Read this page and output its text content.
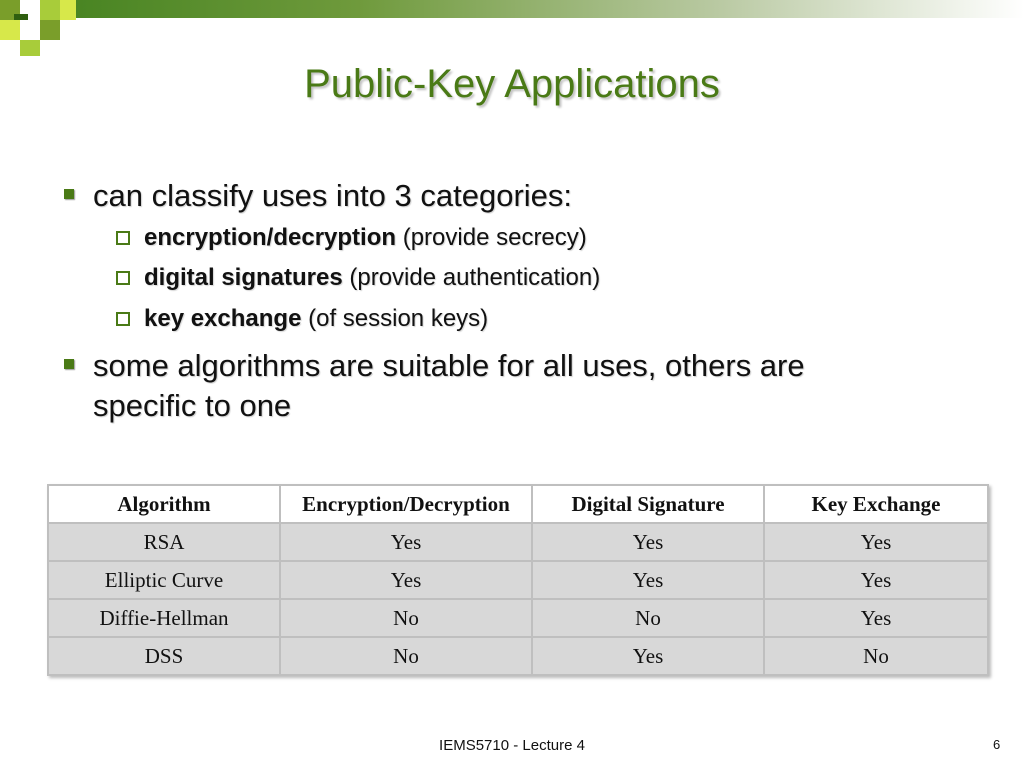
Public-Key Applications
can classify uses into 3 categories:
encryption/decryption (provide secrecy)
digital signatures (provide authentication)
key exchange (of session keys)
some algorithms are suitable for all uses, others are
specific to one
Algorithm	Encryption/Decryption	Digital Signature	Key Exchange
RSA	Yes	Yes	Yes
Elliptic Curve	Yes	Yes	Yes
Diffie-Hellman	No	No	Yes
DSS	No	Yes	No
IEMS5710 - Lecture 4	6
